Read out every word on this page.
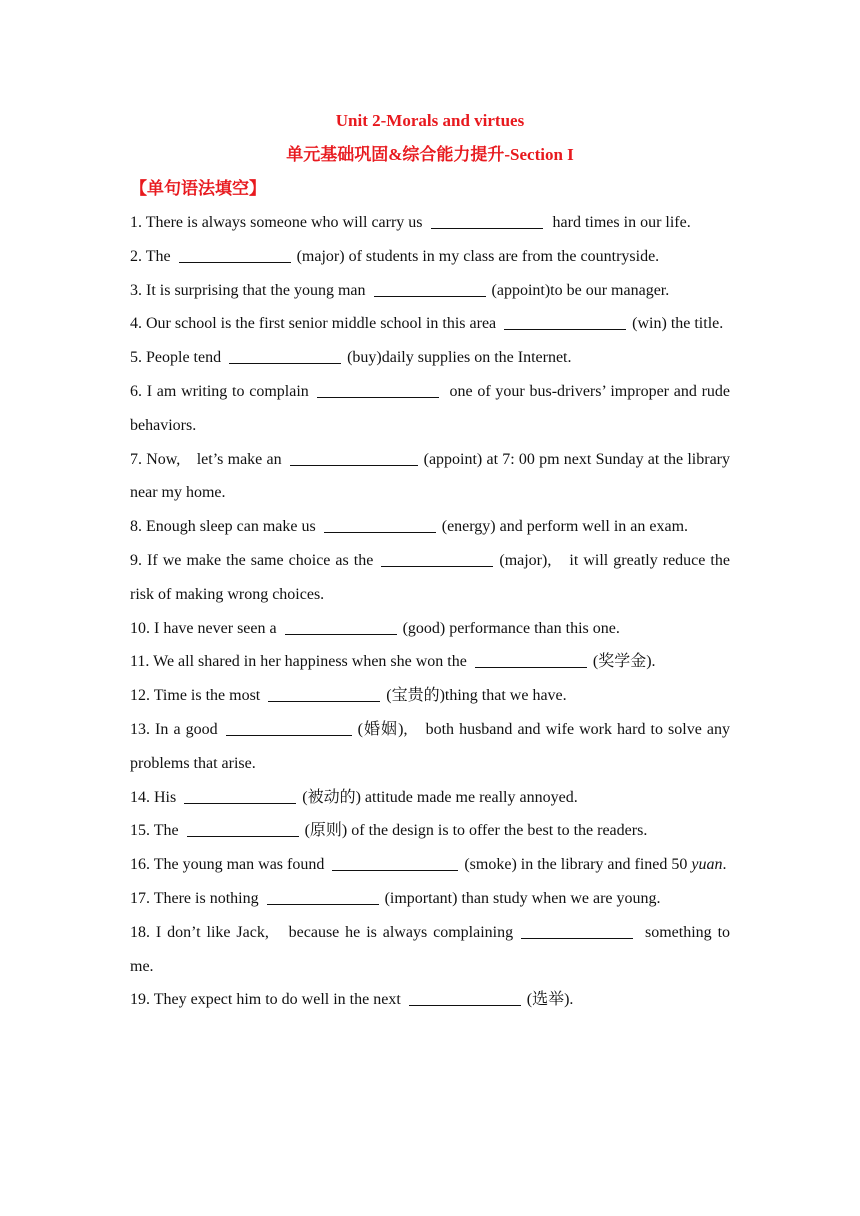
Unit 2-Morals and virtues
单元基础巩固&综合能力提升-Section I
【单句语法填空】
1. There is always someone who will carry us	hard times in our life.
2. The	(major) of students in my class are from the countryside.
3. It is surprising that the young man	(appoint)to be our manager.
4. Our school is the first senior middle school in this area	(win) the title.
5. People tend	(buy)daily supplies on the Internet.
6. I am writing to complain	one of your bus-drivers’ improper and rude behaviors.
7. Now,　let’s make an	(appoint) at 7: 00 pm next Sunday at the library near my home.
8. Enough sleep can make us	(energy) and perform well in an exam.
9. If we make the same choice as the	(major),　it will greatly reduce the risk of making wrong choices.
10. I have never seen a	(good) performance than this one.
11. We all shared in her happiness when she won the	(奖学金).
12. Time is the most	(宝贵的)thing that we have.
13. In a good	(婚姻),　both husband and wife work hard to solve any problems that arise.
14. His	(被动的) attitude made me really annoyed.
15. The	(原则) of the design is to offer the best to the readers.
16. The young man was found	(smoke) in the library and fined 50 yuan.
17. There is nothing	(important) than study when we are young.
18. I don’t like Jack,　because he is always complaining	something to me.
19. They expect him to do well in the next	(选举).
